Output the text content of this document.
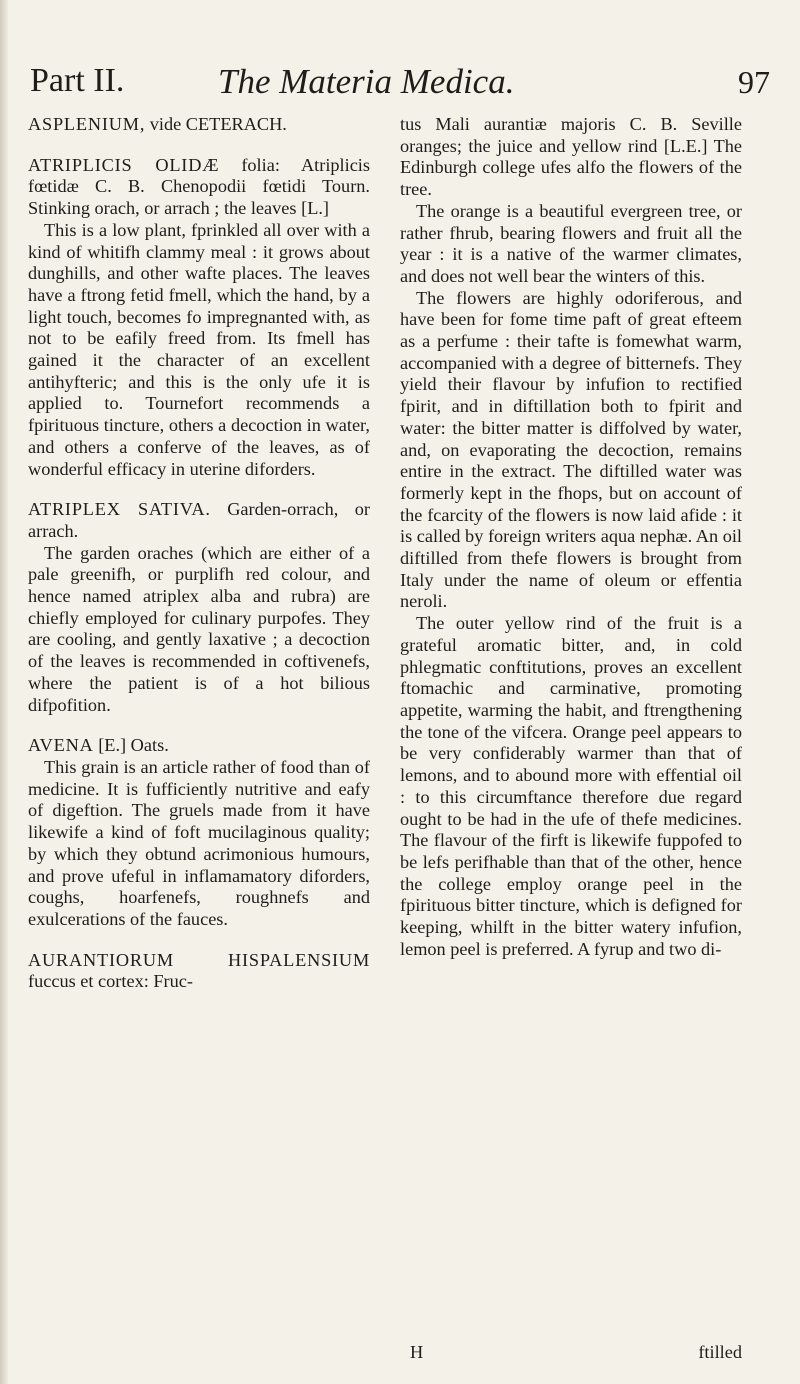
Part II.	The Materia Medica.	97

ASPLENIUM, vide CETERACH.

ATRIPLICIS OLIDÆ folia: Atriplicis fœtidæ C. B. Chenopodii fœtidi Tourn. Stinking orach, or arrach ; the leaves [L.]

This is a low plant, fprinkled all over with a kind of whitifh clammy meal : it grows about dunghills, and other wafte places. The leaves have a ftrong fetid fmell, which the hand, by a light touch, becomes fo impregnanted with, as not to be eafily freed from. Its fmell has gained it the character of an excellent antihyfteric; and this is the only ufe it is applied to. Tournefort recommends a fpirituous tincture, others a decoction in water, and others a conferve of the leaves, as of wonderful efficacy in uterine diforders.

ATRIPLEX SATIVA. Garden-orrach, or arrach.

The garden oraches (which are either of a pale greenifh, or purplifh red colour, and hence named atriplex alba and rubra) are chiefly employed for culinary purpofes. They are cooling, and gently laxative ; a decoction of the leaves is recommended in coftivenefs, where the patient is of a hot bilious difpofition.

AVENA [E.] Oats.

This grain is an article rather of food than of medicine. It is fufficiently nutritive and eafy of digeftion. The gruels made from it have likewife a kind of foft mucilaginous quality; by which they obtund acrimonious humours, and prove ufeful in inflamamatory diforders, coughs, hoarfenefs, roughnefs and exulcerations of the fauces.

AURANTIORUM HISPALENSIUM fuccus et cortex: Fruc-

tus Mali aurantiæ majoris C. B. Seville oranges; the juice and yellow rind [L.E.] The Edinburgh college ufes alfo the flowers of the tree.

The orange is a beautiful evergreen tree, or rather fhrub, bearing flowers and fruit all the year : it is a native of the warmer climates, and does not well bear the winters of this.

The flowers are highly odoriferous, and have been for fome time paft of great efteem as a perfume : their tafte is fomewhat warm, accompanied with a degree of bitternefs. They yield their flavour by infufion to rectified fpirit, and in diftillation both to fpirit and water: the bitter matter is diffolved by water, and, on evaporating the decoction, remains entire in the extract. The diftilled water was formerly kept in the fhops, but on account of the fcarcity of the flowers is now laid afide : it is called by foreign writers aqua nephæ. An oil diftilled from thefe flowers is brought from Italy under the name of oleum or effentia neroli.

The outer yellow rind of the fruit is a grateful aromatic bitter, and, in cold phlegmatic conftitutions, proves an excellent ftomachic and carminative, promoting appetite, warming the habit, and ftrengthening the tone of the vifcera. Orange peel appears to be very confiderably warmer than that of lemons, and to abound more with effential oil : to this circumftance therefore due regard ought to be had in the ufe of thefe medicines. The flavour of the firft is likewife fuppofed to be lefs perifhable than that of the other, hence the college employ orange peel in the fpirituous bitter tincture, which is defigned for keeping, whilft in the bitter watery infufion, lemon peel is preferred. A fyrup and two di-

H	ftilled
